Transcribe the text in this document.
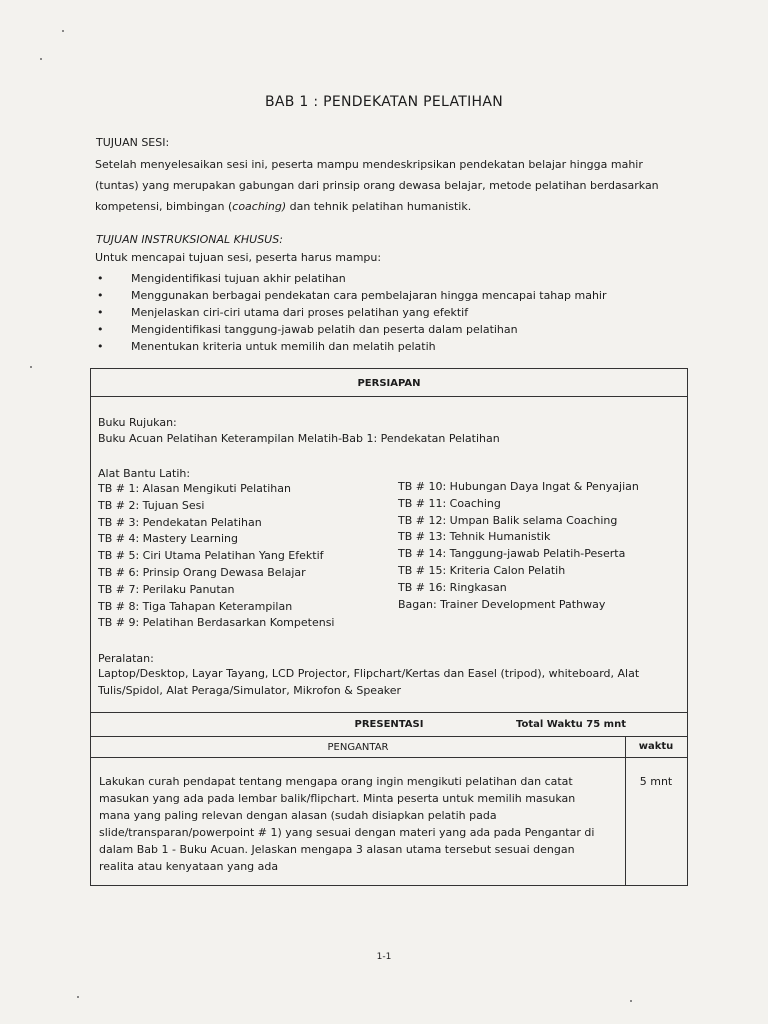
BAB 1 : PENDEKATAN PELATIHAN
TUJUAN SESI:
Setelah menyelesaikan sesi ini, peserta mampu mendeskripsikan pendekatan belajar hingga mahir
(tuntas) yang merupakan gabungan dari prinsip orang dewasa belajar, metode pelatihan berdasarkan
kompetensi, bimbingan (coaching) dan tehnik pelatihan humanistik.
TUJUAN INSTRUKSIONAL KHUSUS:
Untuk mencapai tujuan sesi, peserta harus mampu:
•	Mengidentifikasi tujuan akhir pelatihan
•	Menggunakan berbagai pendekatan cara pembelajaran hingga mencapai tahap mahir
•	Menjelaskan ciri-ciri utama dari proses pelatihan yang efektif
•	Mengidentifikasi tanggung-jawab pelatih dan peserta dalam pelatihan
•	Menentukan kriteria untuk memilih dan melatih pelatih
PERSIAPAN
Buku Rujukan:
Buku Acuan Pelatihan Keterampilan Melatih-Bab 1: Pendekatan Pelatihan
Alat Bantu Latih:
TB # 1: Alasan Mengikuti Pelatihan
TB # 2: Tujuan Sesi
TB # 3: Pendekatan Pelatihan
TB # 4: Mastery Learning
TB # 5: Ciri Utama Pelatihan Yang Efektif
TB # 6: Prinsip Orang Dewasa Belajar
TB # 7: Perilaku Panutan
TB # 8: Tiga Tahapan Keterampilan
TB # 9: Pelatihan Berdasarkan Kompetensi
TB # 10: Hubungan Daya Ingat & Penyajian
TB # 11: Coaching
TB # 12: Umpan Balik selama Coaching
TB # 13: Tehnik Humanistik
TB # 14: Tanggung-jawab Pelatih-Peserta
TB # 15: Kriteria Calon Pelatih
TB # 16: Ringkasan
Bagan: Trainer Development Pathway
Peralatan:
Laptop/Desktop, Layar Tayang, LCD Projector, Flipchart/Kertas dan Easel (tripod), whiteboard, Alat
Tulis/Spidol, Alat Peraga/Simulator, Mikrofon & Speaker
PRESENTASI	Total Waktu 75 mnt
PENGANTAR	waktu
Lakukan curah pendapat tentang mengapa orang ingin mengikuti pelatihan dan catat
masukan yang ada pada lembar balik/flipchart. Minta peserta untuk memilih masukan
mana yang paling relevan dengan alasan (sudah disiapkan pelatih pada
slide/transparan/powerpoint # 1) yang sesuai dengan materi yang ada pada Pengantar di
dalam Bab 1 - Buku Acuan. Jelaskan mengapa 3 alasan utama tersebut sesuai dengan
realita atau kenyataan yang ada
5 mnt
1-1
